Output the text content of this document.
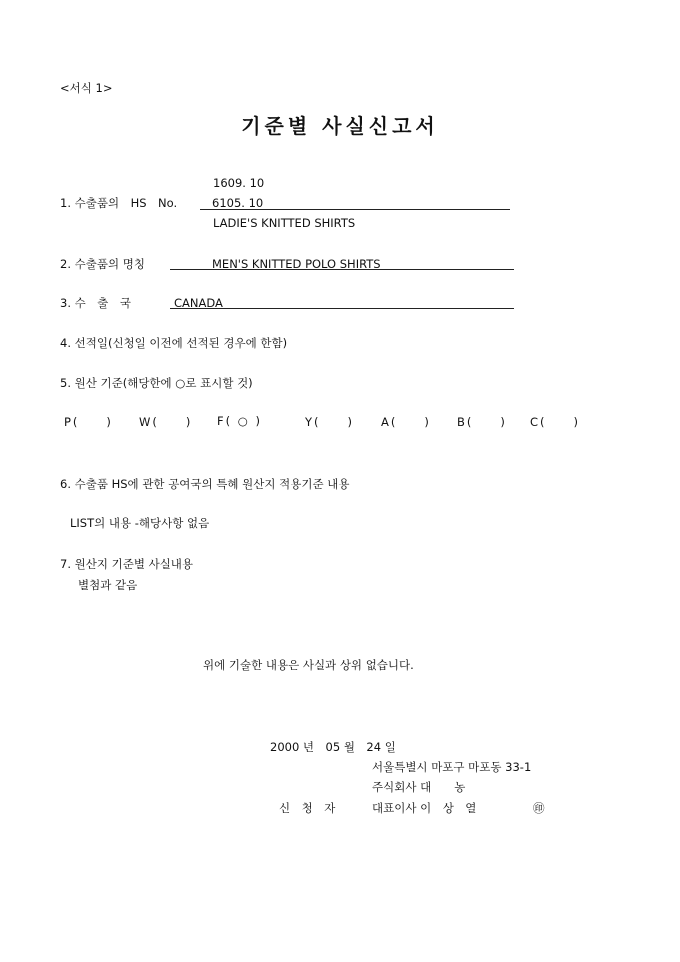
<서식 1>
기준별 사실신고서
1609. 10
1. 수출품의　HS　No.	6105. 10
LADIE'S KNITTED SHIRTS
2. 수출품의 명칭	MEN'S KNITTED POLO SHIRTS
3. 수　출　국	CANADA
4. 선적일(신청일 이전에 선적된 경우에 한함)
5. 원산 기준(해당한에 ○로 표시할 것)
P(　　) W(　　) F( ○ )	Y(　　) A(　　) B(　　) C(　　)
6. 수출품 HS에 관한 공여국의 특혜 원산지 적용기준 내용
LIST의 내용 -해당사항 없음
7. 원산지 기준별 사실내용
별첨과 같음
위에 기술한 내용은 사실과 상위 없습니다.
2000 년　05 월　24 일
서울특별시 마포구 마포동 33-1
주식회사 대　　농
신　청　자	대표이사 이　상　열	㊞
